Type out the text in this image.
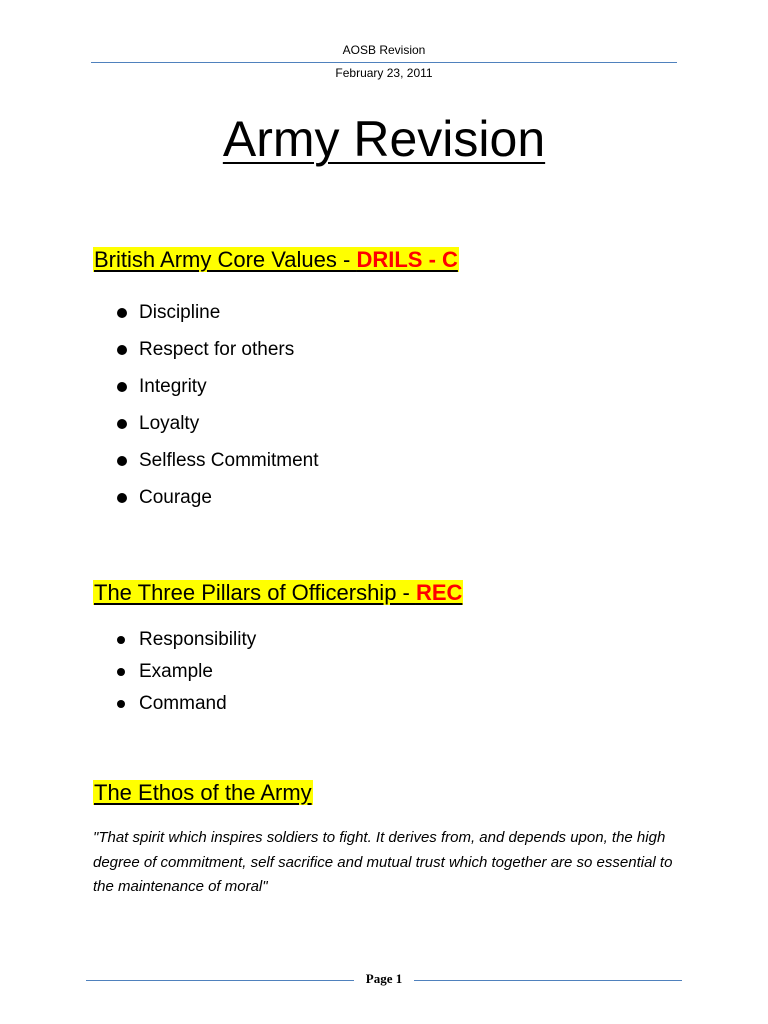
AOSB Revision
February 23, 2011
Army Revision
British Army Core Values - DRILS - C
Discipline
Respect for others
Integrity
Loyalty
Selfless Commitment
Courage
The Three Pillars of Officership - REC
Responsibility
Example
Command
The Ethos of the Army
"That spirit which inspires soldiers to fight. It derives from, and depends upon, the high degree of commitment, self sacrifice and mutual trust which together are so essential to the maintenance of moral"
Page 1
